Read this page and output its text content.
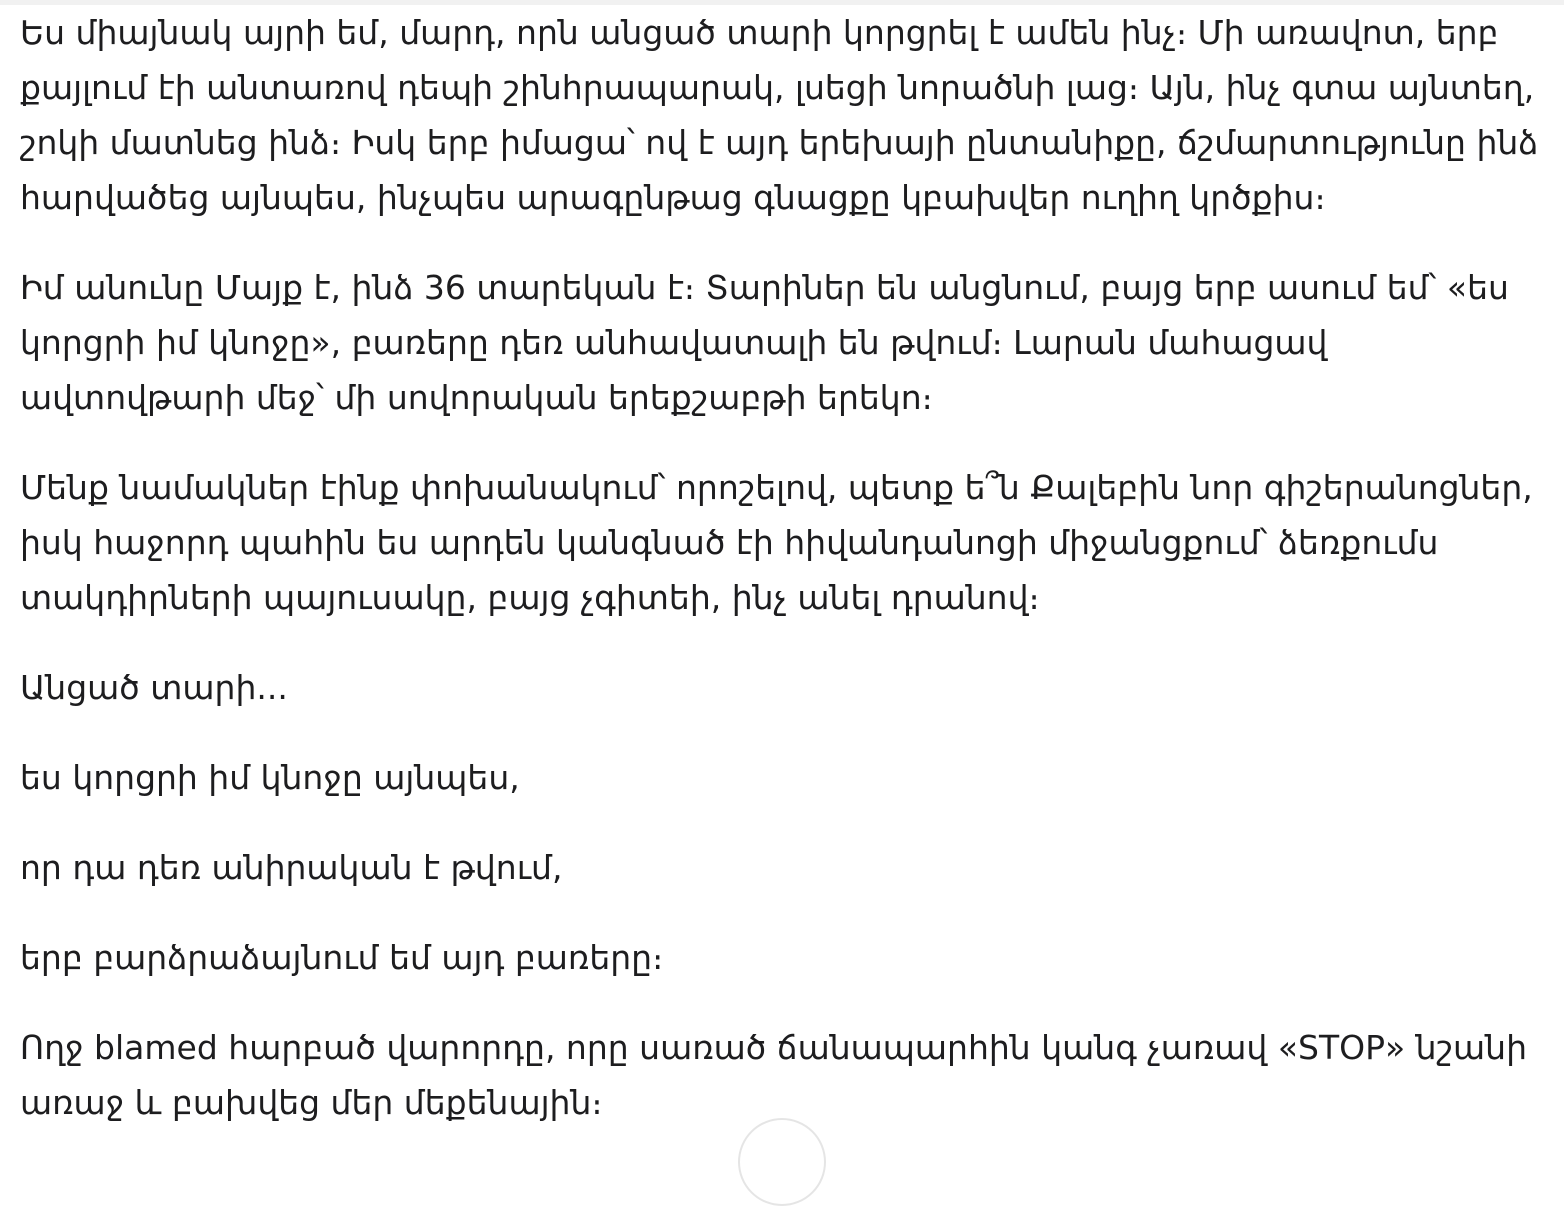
Ես միայնակ այրի եմ, մարդ, որն անցած տարի կորցրել է ամեն ինչ։ Մի առավոտ, երբ քայլում էի անտառով դեպի շինհրապարակ, լսեցի նորածնի լաց։ Այն, ինչ գտա այնտեղ, շոկի մատնեց ինձ։ Իսկ երբ իմացա՝ ով է այդ երեխայի ընտանիքը, ճշմարտությունը ինձ հարվածեց այնպես, ինչպես արագընթաց գնացքը կբախվեր ուղիղ կրծքիս։

Իմ անունը Մայք է, ինձ 36 տարեկան է։ Տարիներ են անցնում, բայց երբ ասում եմ՝ «ես կորցրի իմ կնոջը», բառերը դեռ անհավատալի են թվում։ Լարան մահացավ ավտովթարի մեջ՝ մի սովորական երեքշաբթի երեկո։

Մենք նամակներ էինք փոխանակում՝ որոշելով, պետք ե՞ն Քալեբին նոր գիշերանոցներ, իսկ հաջորդ պահին ես արդեն կանգնած էի հիվանդանոցի միջանցքում՝ ձեռքումս տակդիրների պայուսակը, բայց չգիտեի, ինչ անել դրանով։

Անցած տարի...

ես կորցրի իմ կնոջը այնպես,

որ դա դեռ անիրական է թվում,

երբ բարձրաձայնում եմ այդ բառերը։

Ողջ blamed հարբած վարորդը, որը սառած ճանապարհին կանգ չառավ «STOP» նշանի առաջ և բախվեց մեր մեքենային։
